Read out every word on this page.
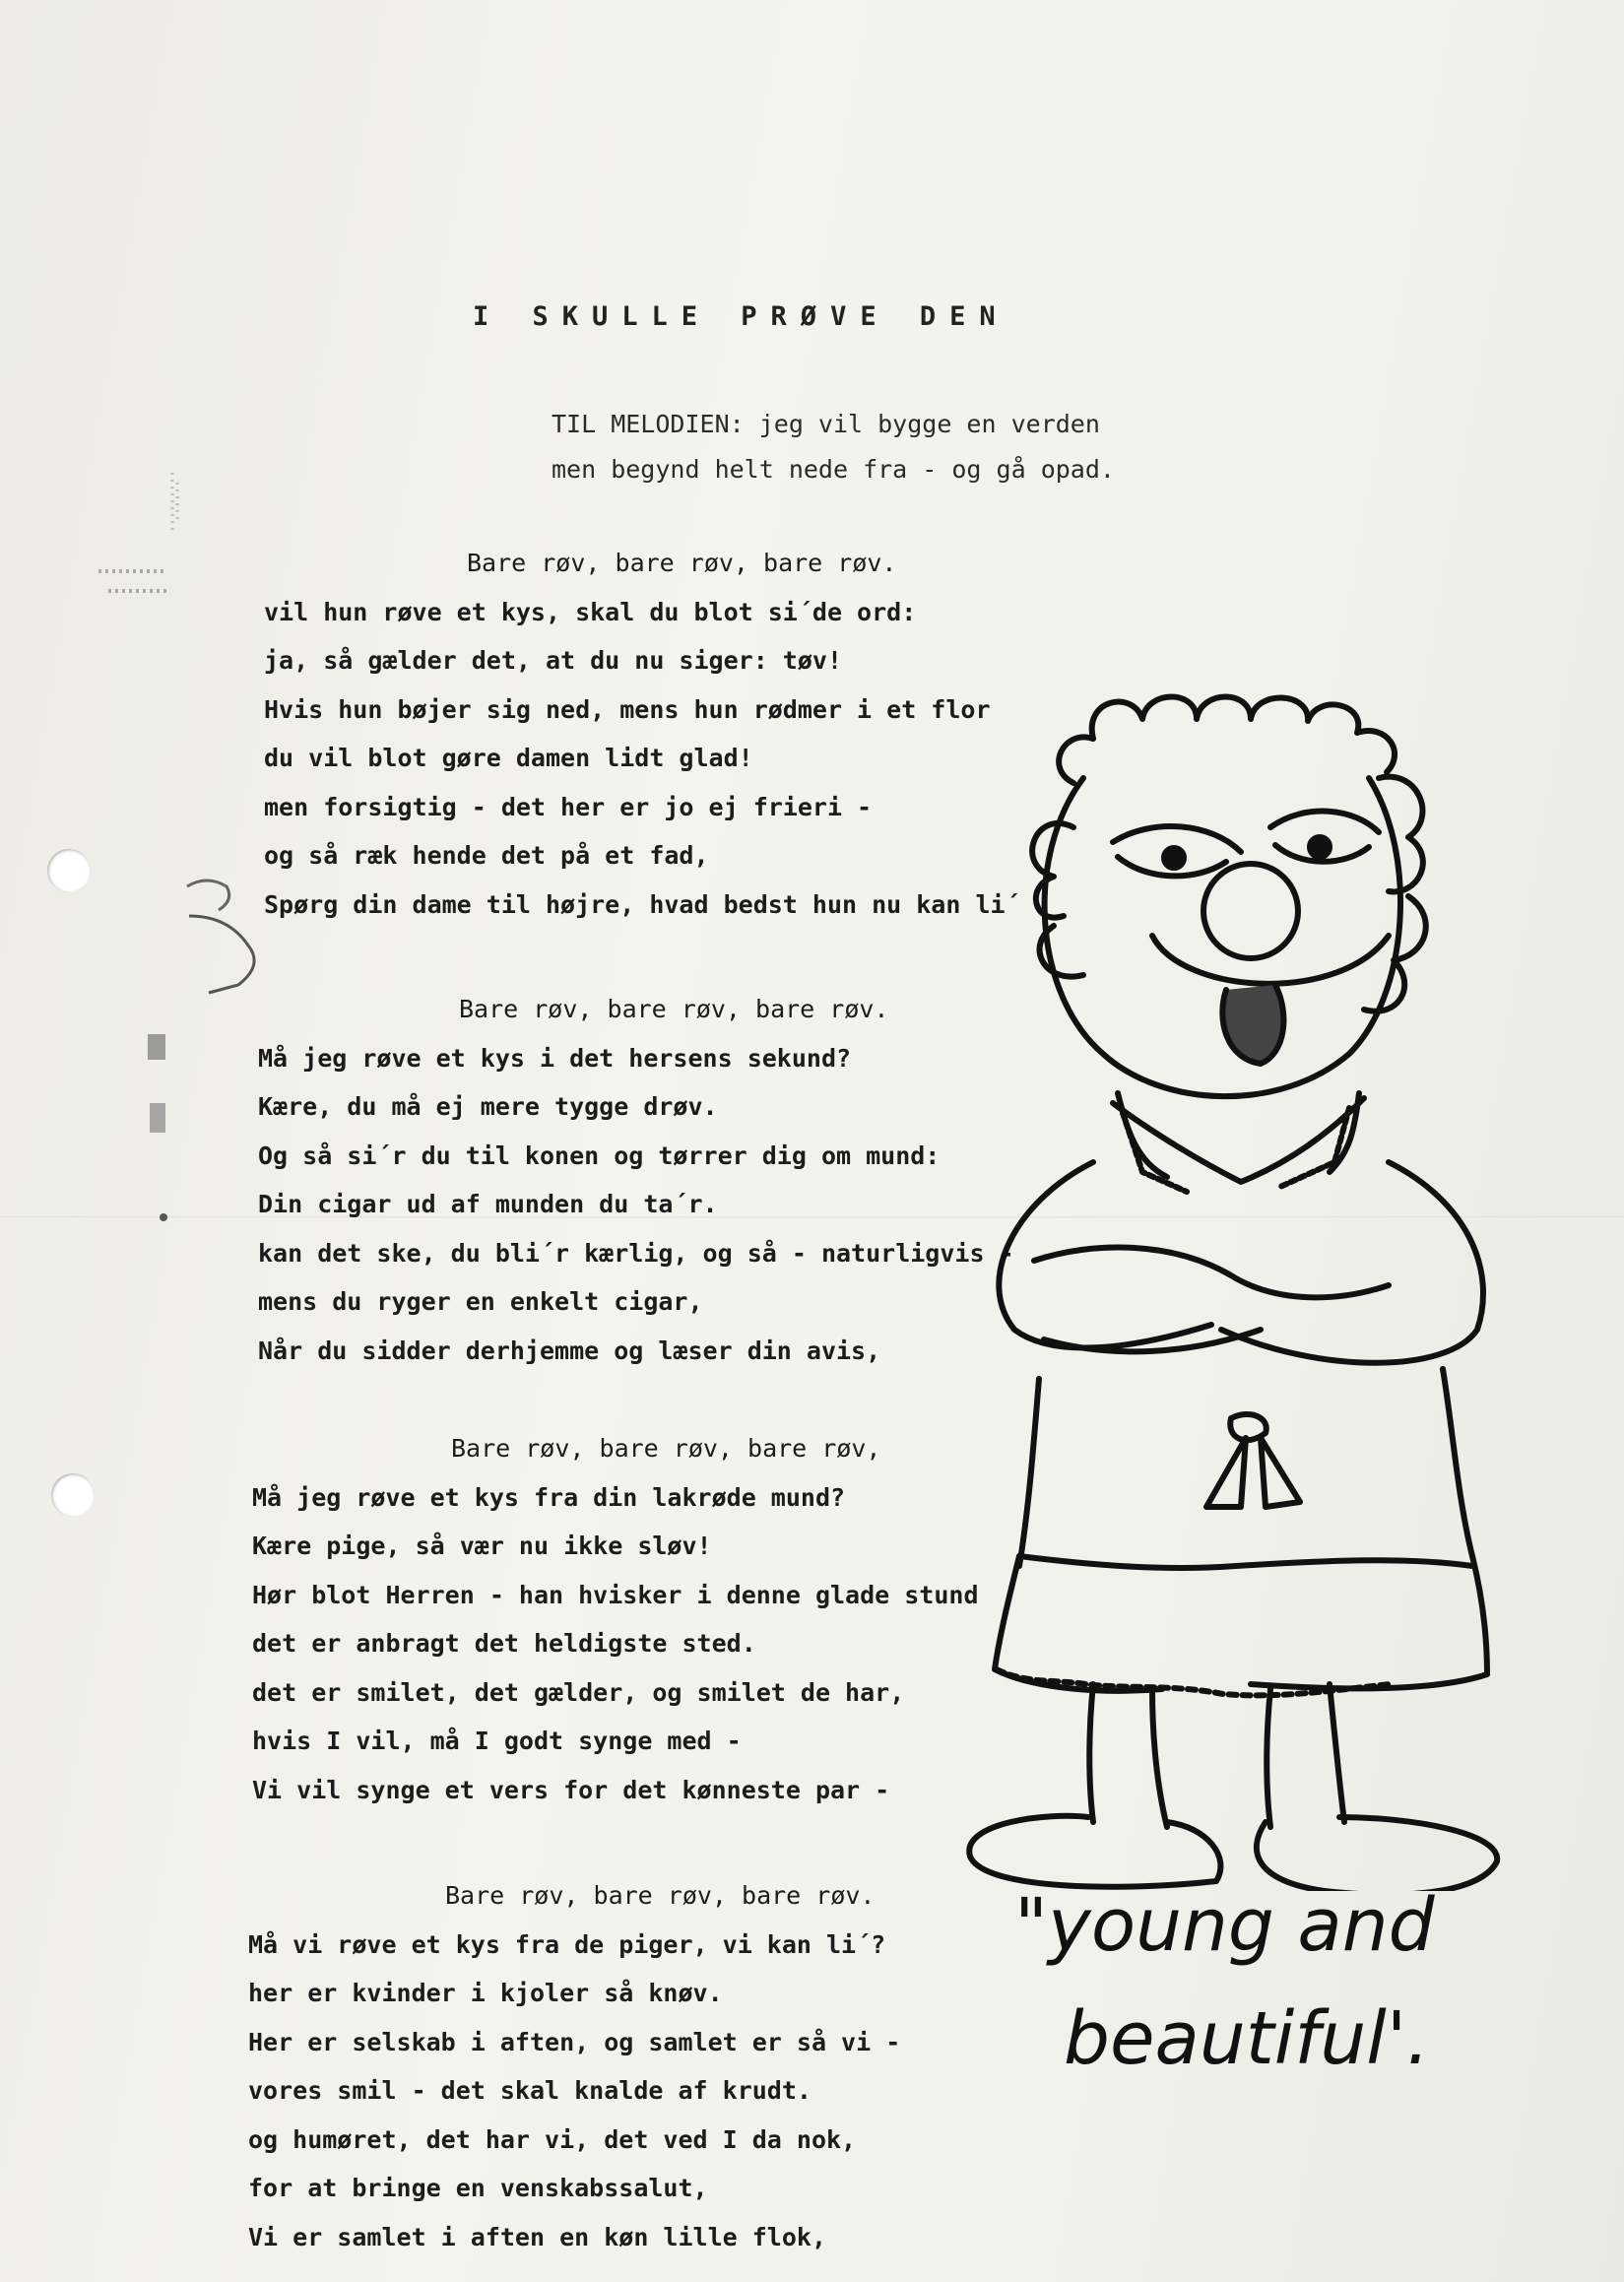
I SKULLE PRØVE DEN
TIL MELODIEN: jeg vil bygge en verden
men begynd helt nede fra - og gå opad.
Bare røv, bare røv, bare røv.
vil hun røve et kys, skal du blot si´de ord:
ja, så gælder det, at du nu siger: tøv!
Hvis hun bøjer sig ned, mens hun rødmer i et flor
du vil blot gøre damen lidt glad!
men forsigtig - det her er jo ej frieri -
og så ræk hende det på et fad,
Spørg din dame til højre, hvad bedst hun nu kan li´
Bare røv, bare røv, bare røv.
Må jeg røve et kys i det hersens sekund?
Kære, du må ej mere tygge drøv.
Og så si´r du til konen og tørrer dig om mund:
Din cigar ud af munden du ta´r.
kan det ske, du bli´r kærlig, og så - naturligvis -
mens du ryger en enkelt cigar,
Når du sidder derhjemme og læser din avis,
Bare røv, bare røv, bare røv,
Må jeg røve et kys fra din lakrøde mund?
Kære pige, så vær nu ikke sløv!
Hør blot Herren - han hvisker i denne glade stund
det er anbragt det heldigste sted.
det er smilet, det gælder, og smilet de har,
hvis I vil, må I godt synge med -
Vi vil synge et vers for det kønneste par -
Bare røv, bare røv, bare røv.
Må vi røve et kys fra de piger, vi kan li´?
her er kvinder i kjoler så knøv.
Her er selskab i aften, og samlet er så vi -
vores smil - det skal knalde af krudt.
og humøret, det har vi, det ved I da nok,
for at bringe en venskabssalut,
Vi er samlet i aften en køn lille flok,
"young and
beautiful'.
